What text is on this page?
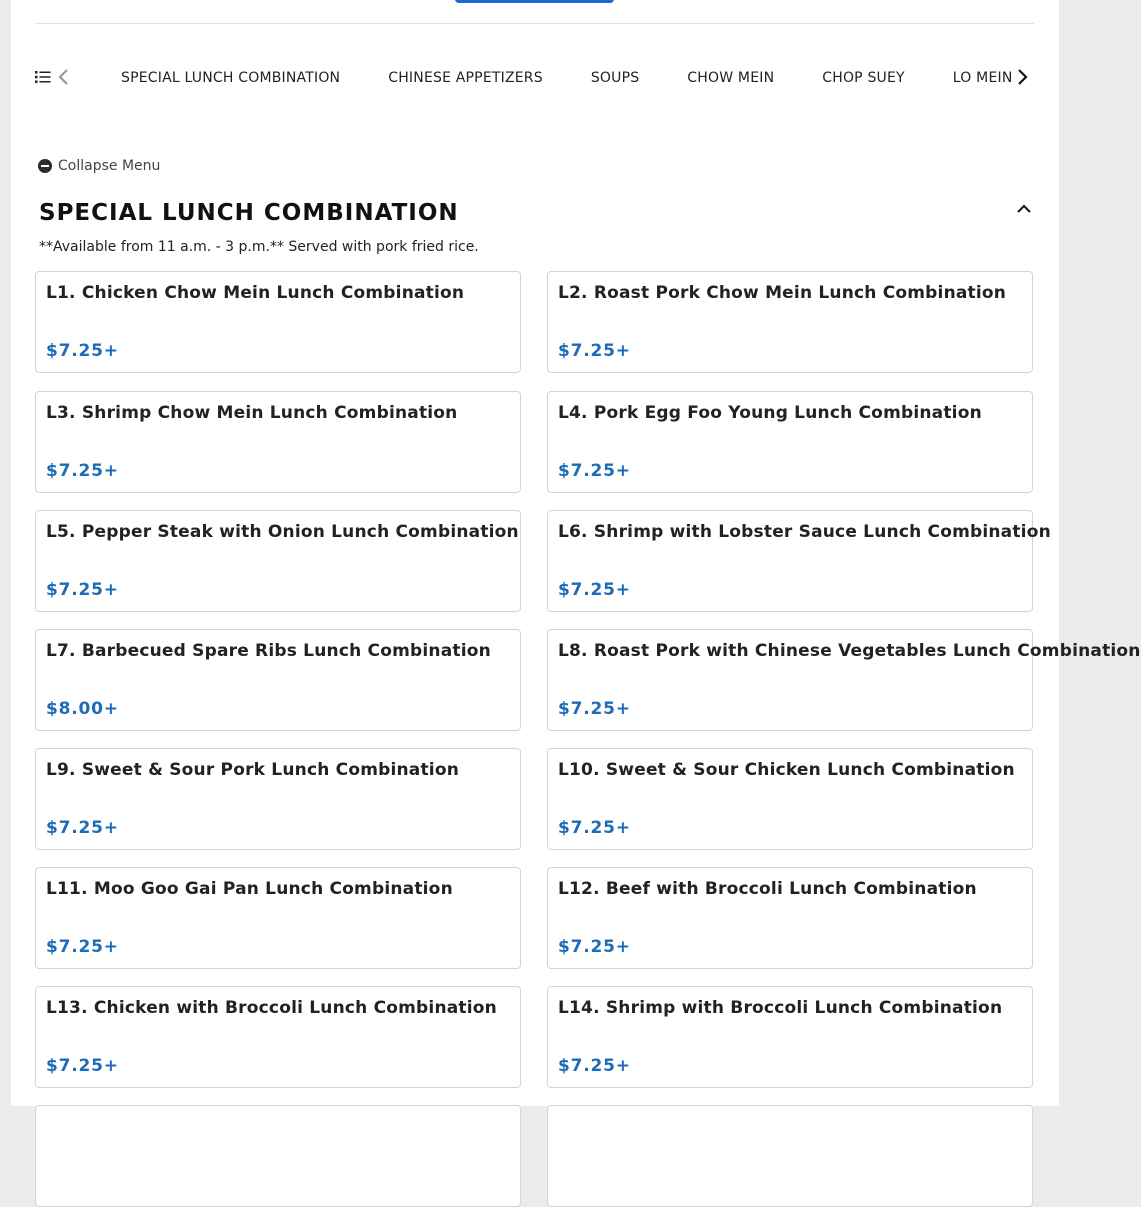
SPECIAL LUNCH COMBINATION	CHINESE APPETIZERS	SOUPS	CHOW MEIN	CHOP SUEY	LO MEIN
Collapse Menu
SPECIAL LUNCH COMBINATION
**Available from 11 a.m. - 3 p.m.** Served with pork fried rice.
L1. Chicken Chow Mein Lunch Combination
$7.25+
L2. Roast Pork Chow Mein Lunch Combination
$7.25+
L3. Shrimp Chow Mein Lunch Combination
$7.25+
L4. Pork Egg Foo Young Lunch Combination
$7.25+
L5. Pepper Steak with Onion Lunch Combination
$7.25+
L6. Shrimp with Lobster Sauce Lunch Combination
$7.25+
L7. Barbecued Spare Ribs Lunch Combination
$8.00+
L8. Roast Pork with Chinese Vegetables Lunch Combination
$7.25+
L9. Sweet & Sour Pork Lunch Combination
$7.25+
L10. Sweet & Sour Chicken Lunch Combination
$7.25+
L11. Moo Goo Gai Pan Lunch Combination
$7.25+
L12. Beef with Broccoli Lunch Combination
$7.25+
L13. Chicken with Broccoli Lunch Combination
$7.25+
L14. Shrimp with Broccoli Lunch Combination
$7.25+
